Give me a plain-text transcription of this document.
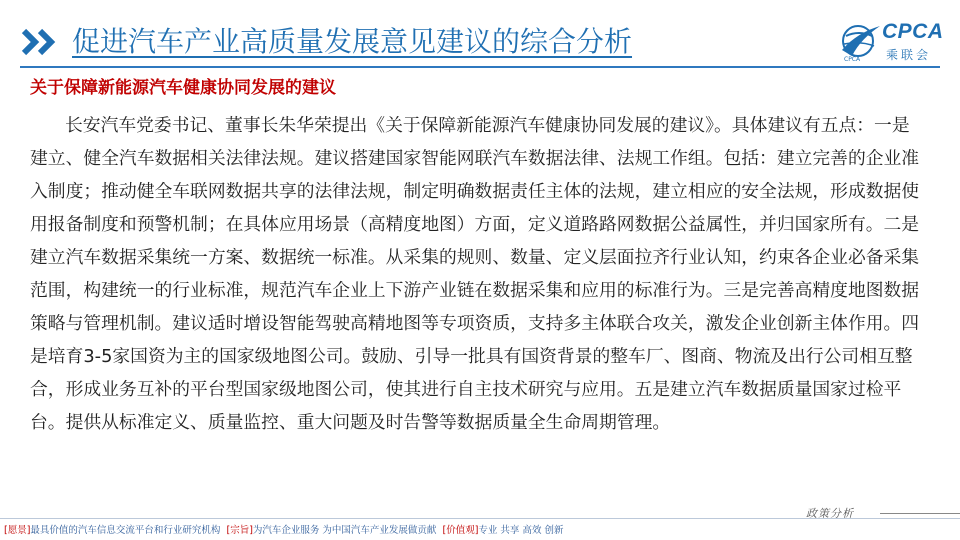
促进汽车产业高质量发展意见建议的综合分析	CPCA
乘联会
CPCA
关于保障新能源汽车健康协同发展的建议

长安汽车党委书记、董事长朱华荣提出《关于保障新能源汽车健康协同发展的建议》。具体建议有五点：一是建立、健全汽车数据相关法律法规。建议搭建国家智能网联汽车数据法律、法规工作组。包括：建立完善的企业准入制度；推动健全车联网数据共享的法律法规，制定明确数据责任主体的法规，建立相应的安全法规，形成数据使用报备制度和预警机制；在具体应用场景（高精度地图）方面，定义道路路网数据公益属性，并归国家所有。二是建立汽车数据采集统一方案、数据统一标准。从采集的规则、数量、定义层面拉齐行业认知，约束各企业必备采集范围，构建统一的行业标准，规范汽车企业上下游产业链在数据采集和应用的标准行为。三是完善高精度地图数据策略与管理机制。建议适时增设智能驾驶高精地图等专项资质，支持多主体联合攻关，激发企业创新主体作用。四是培育3-5家国资为主的国家级地图公司。鼓励、引导一批具有国资背景的整车厂、图商、物流及出行公司相互整合，形成业务互补的平台型国家级地图公司，使其进行自主技术研究与应用。五是建立汽车数据质量国家过检平台。提供从标准定义、质量监控、重大问题及时告警等数据质量全生命周期管理。

[愿景]最具价值的汽车信息交流平台和行业研究机构 [宗旨]为汽车企业服务 为中国汽车产业发展做贡献 [价值观]专业 共享 高效 创新
政策分析
